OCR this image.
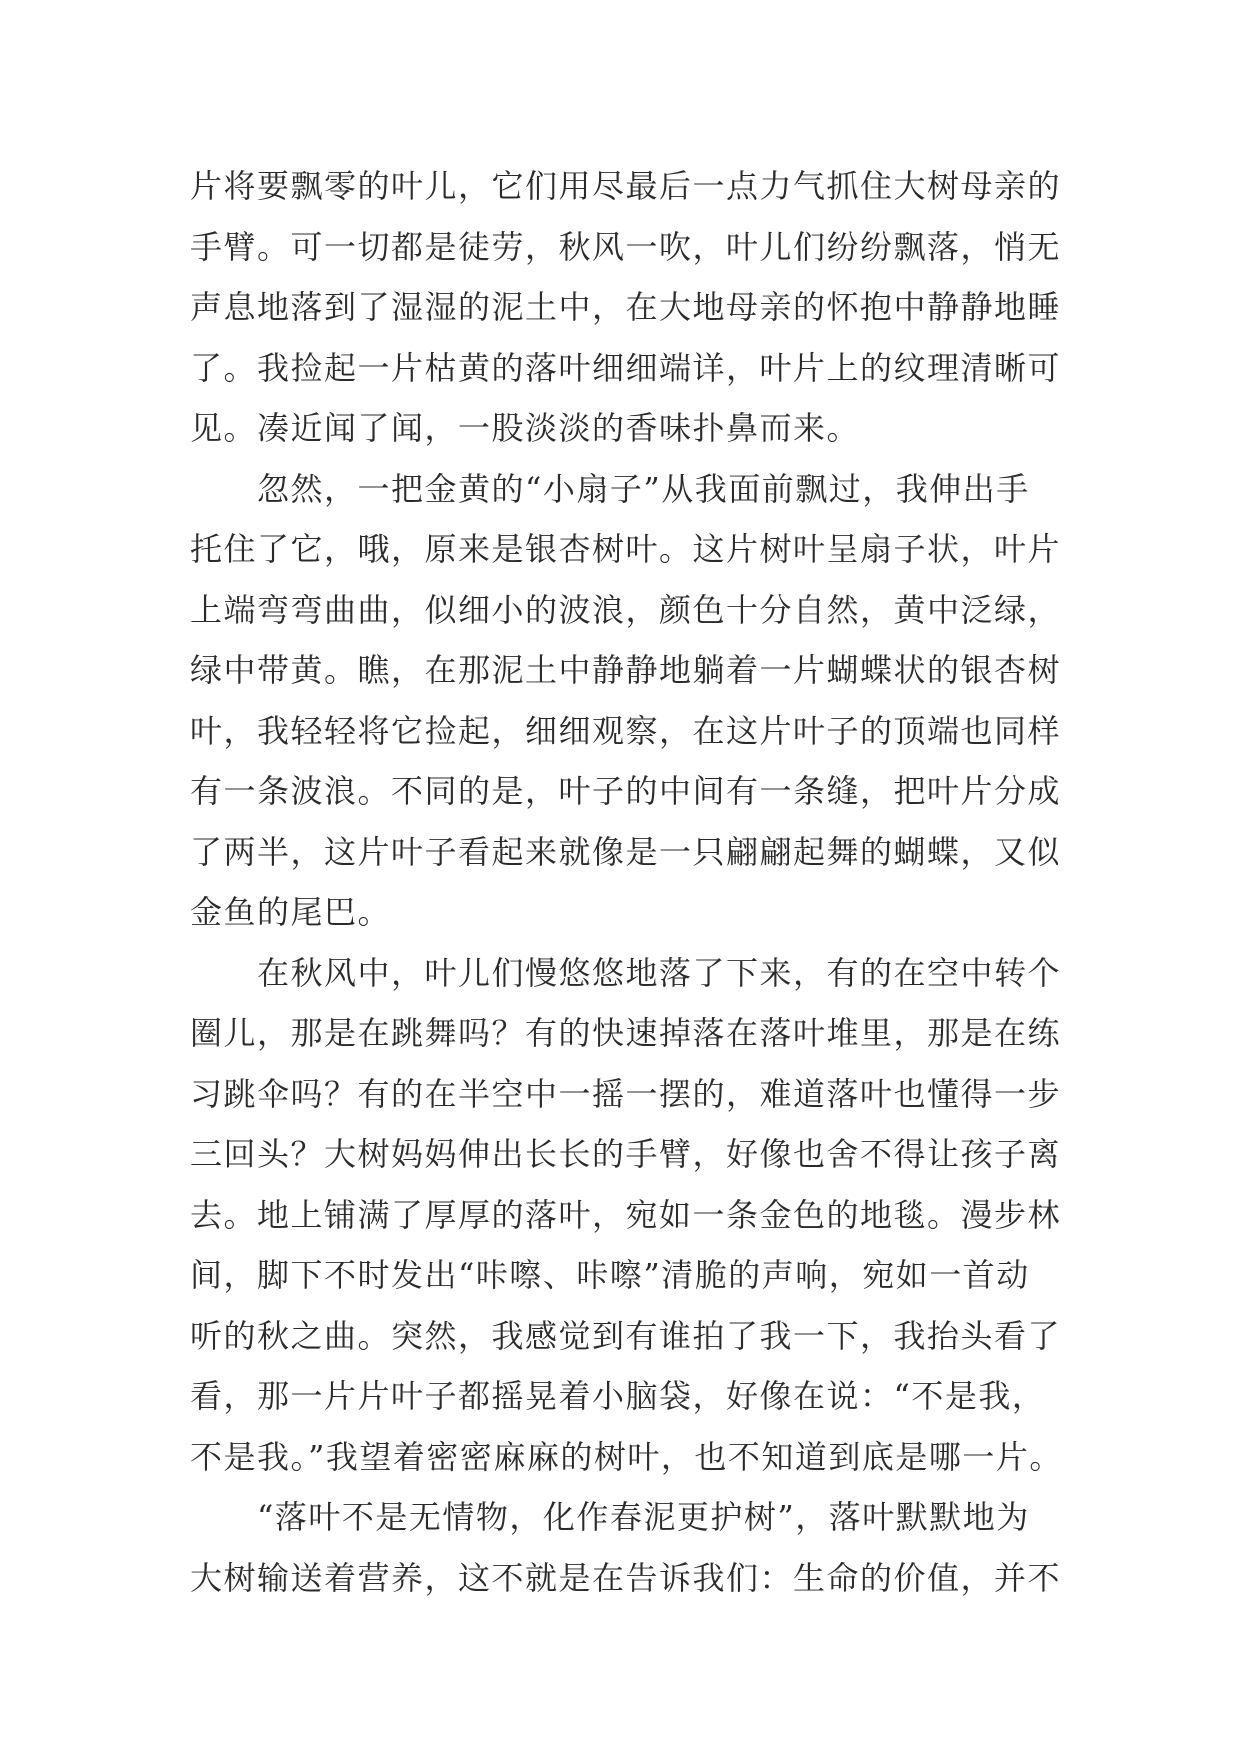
片将要飘零的叶儿，它们用尽最后一点力气抓住大树母亲的
手臂。可一切都是徒劳，秋风一吹，叶儿们纷纷飘落，悄无
声息地落到了湿湿的泥土中，在大地母亲的怀抱中静静地睡
了。我捡起一片枯黄的落叶细细端详，叶片上的纹理清晰可
见。凑近闻了闻，一股淡淡的香味扑鼻而来。
　　忽然，一把金黄的“小扇子”从我面前飘过，我伸出手
托住了它，哦，原来是银杏树叶。这片树叶呈扇子状，叶片
上端弯弯曲曲，似细小的波浪，颜色十分自然，黄中泛绿，
绿中带黄。瞧，在那泥土中静静地躺着一片蝴蝶状的银杏树
叶，我轻轻将它捡起，细细观察，在这片叶子的顶端也同样
有一条波浪。不同的是，叶子的中间有一条缝，把叶片分成
了两半，这片叶子看起来就像是一只翩翩起舞的蝴蝶，又似
金鱼的尾巴。
　　在秋风中，叶儿们慢悠悠地落了下来，有的在空中转个
圈儿，那是在跳舞吗？有的快速掉落在落叶堆里，那是在练
习跳伞吗？有的在半空中一摇一摆的，难道落叶也懂得一步
三回头？大树妈妈伸出长长的手臂，好像也舍不得让孩子离
去。地上铺满了厚厚的落叶，宛如一条金色的地毯。漫步林
间，脚下不时发出“咔嚓、咔嚓”清脆的声响，宛如一首动
听的秋之曲。突然，我感觉到有谁拍了我一下，我抬头看了
看，那一片片叶子都摇晃着小脑袋，好像在说：“不是我，
不是我。”我望着密密麻麻的树叶，也不知道到底是哪一片。
　　“落叶不是无情物，化作春泥更护树”，落叶默默地为
大树输送着营养，这不就是在告诉我们：生命的价值，并不
